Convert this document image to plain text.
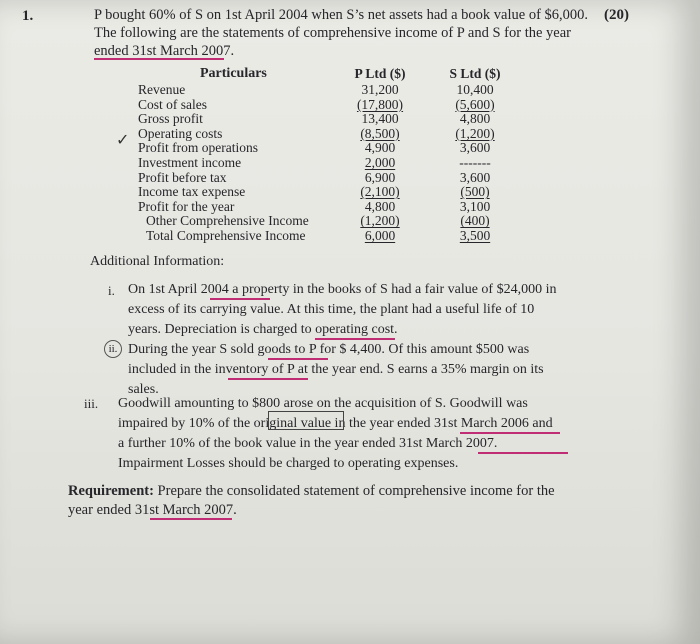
1.	(20)
P bought 60% of S on 1st April 2004 when S’s net assets had a book value of $6,000.
The following are the statements of comprehensive income of P and S for the year
ended 31st March 2007.
Particulars	P Ltd ($)	S Ltd ($)
Revenue	31,200	10,400
Cost of sales	(17,800)	(5,600)
Gross profit	13,400	4,800
Operating costs	(8,500)	(1,200)
Profit from operations	4,900	3,600
Investment income	2,000	-------
Profit before tax	6,900	3,600
Income tax expense	(2,100)	(500)
Profit for the year	4,800	3,100
Other Comprehensive Income	(1,200)	(400)
Total Comprehensive Income	6,000	3,500
✓
Additional Information:
i. On 1st April 2004 a property in the books of S had a fair value of $24,000 in
excess of its carrying value. At this time, the plant had a useful life of 10
years. Depreciation is charged to operating cost.
ii. During the year S sold goods to P for $ 4,400. Of this amount $500 was
included in the inventory of P at the year end. S earns a 35% margin on its
sales.
iii. Goodwill amounting to $800 arose on the acquisition of S. Goodwill was
impaired by 10% of the original value in the year ended 31st March 2006 and
a further 10% of the book value in the year ended 31st March 2007.
Impairment Losses should be charged to operating expenses.
Requirement: Prepare the consolidated statement of comprehensive income for the
year ended 31st March 2007.
